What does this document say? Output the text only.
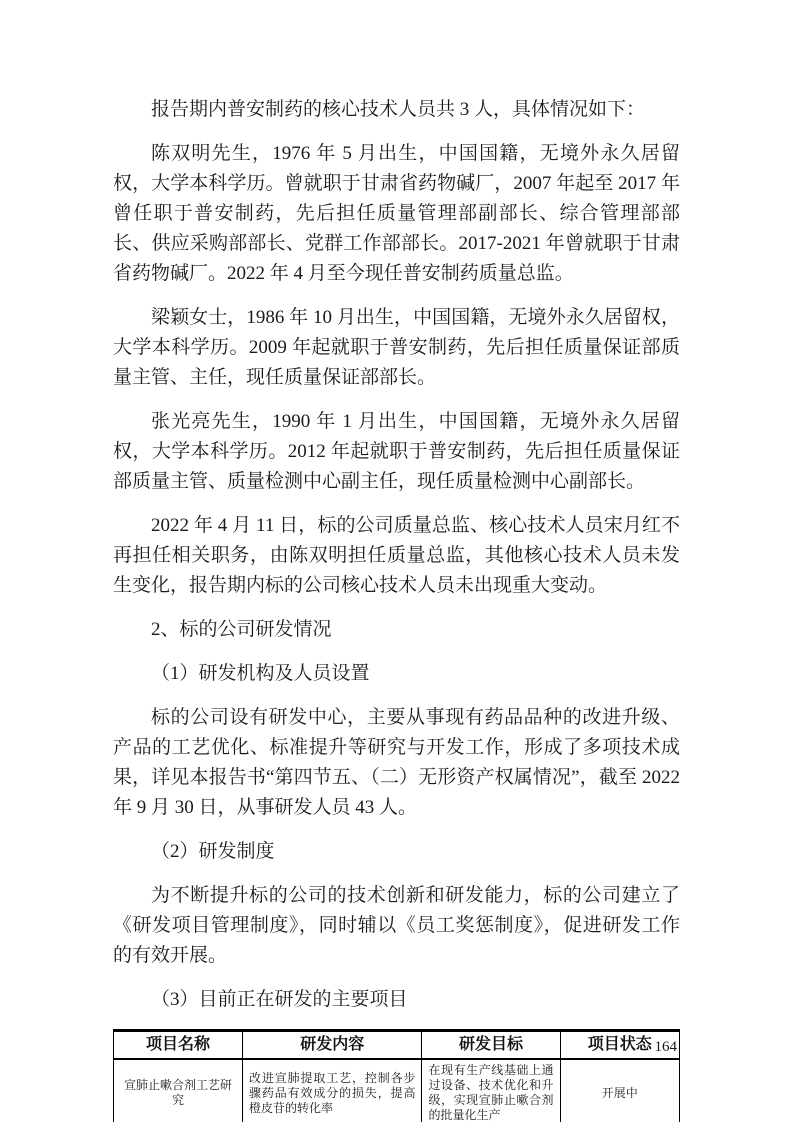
报告期内普安制药的核心技术人员共 3 人，具体情况如下：

陈双明先生，1976 年 5 月出生，中国国籍，无境外永久居留权，大学本科学历。曾就职于甘肃省药物碱厂，2007 年起至 2017 年曾任职于普安制药，先后担任质量管理部副部长、综合管理部部长、供应采购部部长、党群工作部部长。2017-2021 年曾就职于甘肃省药物碱厂。2022 年 4 月至今现任普安制药质量总监。

梁颖女士，1986 年 10 月出生，中国国籍，无境外永久居留权，大学本科学历。2009 年起就职于普安制药，先后担任质量保证部质量主管、主任，现任质量保证部部长。

张光亮先生，1990 年 1 月出生，中国国籍，无境外永久居留权，大学本科学历。2012 年起就职于普安制药，先后担任质量保证部质量主管、质量检测中心副主任，现任质量检测中心副部长。

2022 年 4 月 11 日，标的公司质量总监、核心技术人员宋月红不再担任相关职务，由陈双明担任质量总监，其他核心技术人员未发生变化，报告期内标的公司核心技术人员未出现重大变动。

2、标的公司研发情况

（1）研发机构及人员设置

标的公司设有研发中心，主要从事现有药品品种的改进升级、产品的工艺优化、标准提升等研究与开发工作，形成了多项技术成果，详见本报告书“第四节五、（二）无形资产权属情况”，截至 2022 年 9 月 30 日，从事研发人员 43 人。

（2）研发制度

为不断提升标的公司的技术创新和研发能力，标的公司建立了《研发项目管理制度》，同时辅以《员工奖惩制度》，促进研发工作的有效开展。

（3）目前正在研发的主要项目

项目名称	研发内容	研发目标	项目状态
宣肺止嗽合剂工艺研究	改进宣肺提取工艺，控制各步骤药品有效成分的损失，提高橙皮苷的转化率	在现有生产线基础上通过设备、技术优化和升级，实现宣肺止嗽合剂的批量化生产	开展中
164
